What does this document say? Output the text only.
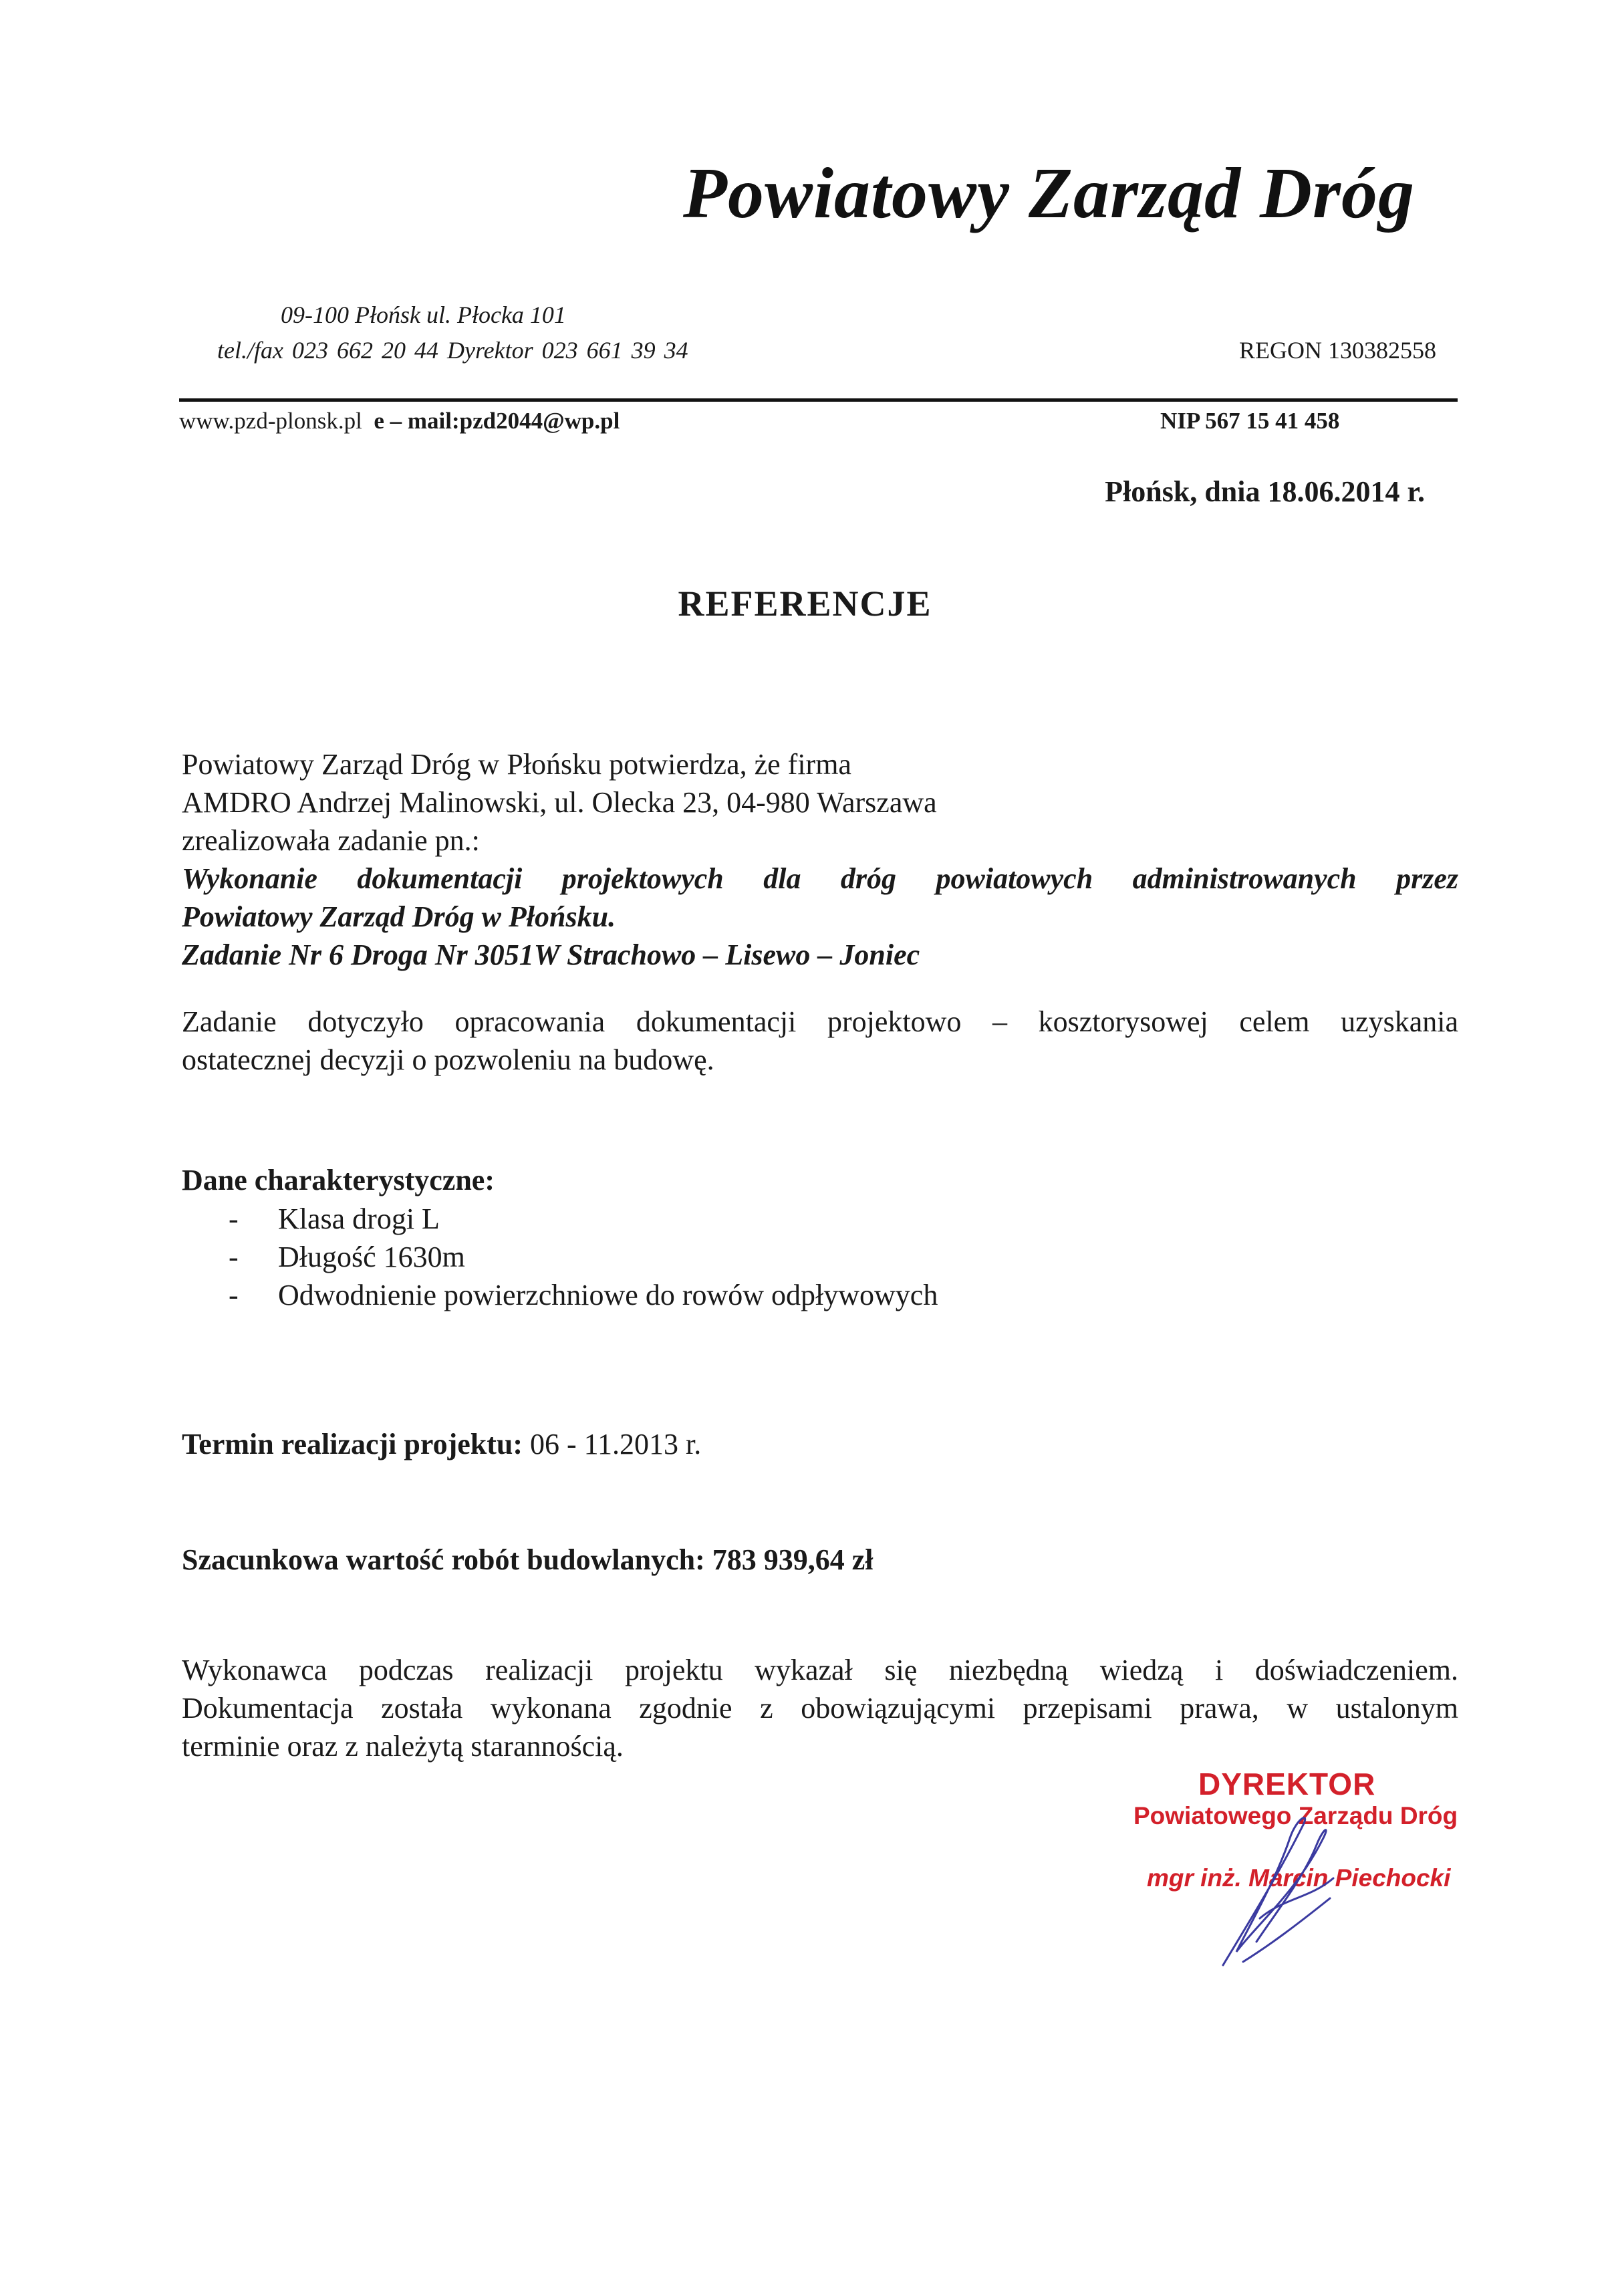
Powiatowy Zarząd Dróg
09-100 Płońsk ul. Płocka 101
tel./fax 023 662 20 44 Dyrektor 023 661 39 34	REGON 130382558
www.pzd-plonsk.pl e – mail:pzd2044@wp.pl	NIP 567 15 41 458
Płońsk, dnia 18.06.2014 r.
REFERENCJE
Powiatowy Zarząd Dróg w Płońsku potwierdza, że firma
AMDRO Andrzej Malinowski, ul. Olecka 23, 04-980 Warszawa
zrealizowała zadanie pn.:
Wykonanie dokumentacji projektowych dla dróg powiatowych administrowanych przez
Powiatowy Zarząd Dróg w Płońsku.
Zadanie Nr 6 Droga Nr 3051W Strachowo – Lisewo – Joniec
Zadanie dotyczyło opracowania dokumentacji projektowo – kosztorysowej celem uzyskania
ostatecznej decyzji o pozwoleniu na budowę.
Dane charakterystyczne:
- Klasa drogi L
- Długość 1630m
- Odwodnienie powierzchniowe do rowów odpływowych
Termin realizacji projektu: 06 - 11.2013 r.
Szacunkowa wartość robót budowlanych: 783 939,64 zł
Wykonawca podczas realizacji projektu wykazał się niezbędną wiedzą i doświadczeniem.
Dokumentacja została wykonana zgodnie z obowiązującymi przepisami prawa, w ustalonym
terminie oraz z należytą starannością.
DYREKTOR
Powiatowego Zarządu Dróg
mgr inż. Marcin Piechocki
